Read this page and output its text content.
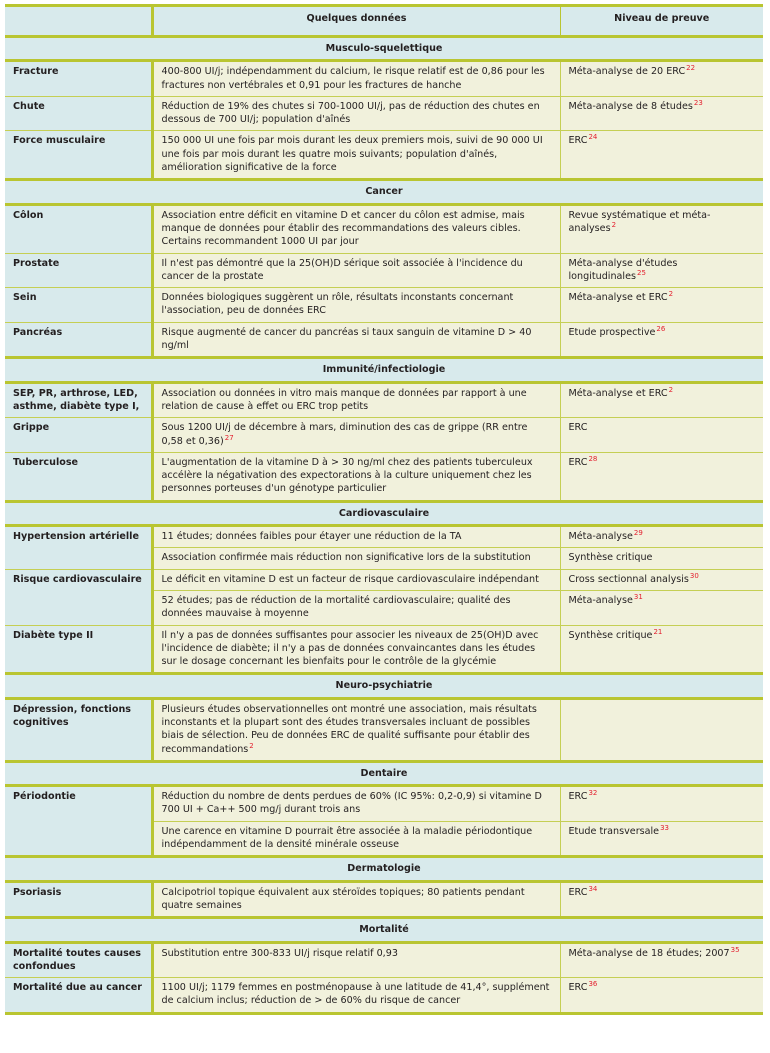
	Quelques données	Niveau de preuve
Musculo-squelettique		
Fracture	400-800 UI/j; indépendamment du calcium, le risque relatif est de 0,86 pour les fractures non vertébrales et 0,91 pour les fractures de hanche	Méta-analyse de 20 ERC$^{22}$
Chute	Réduction de 19% des chutes si 700-1000 UI/j, pas de réduction des chutes en dessous de 700 UI/j; population d'aînés	Méta-analyse de 8 études$^{23}$
Force musculaire	150 000 UI une fois par mois durant les deux premiers mois, suivi de 90 000 UI une fois par mois durant les quatre mois suivants; population d'aînés, amélioration significative de la force	ERC$^{24}$
Cancer		
Côlon	Association entre déficit en vitamine D et cancer du côlon est admise, mais manque de données pour établir des recommandations des valeurs cibles. Certains recommandent 1000 UI par jour	Revue systématique et méta-analyses$^2$
Prostate	Il n'est pas démontré que la 25(OH)D sérique soit associée à l'incidence du cancer de la prostate	Méta-analyse d'études longitudinales$^{25}$
Sein	Données biologiques suggèrent un rôle, résultats inconstants concernant l'association, peu de données ERC	Méta-analyse et ERC$^2$
Pancréas	Risque augmenté de cancer du pancréas si taux sanguin de vitamine D > 40 ng/ml	Etude prospective$^{26}$
Immunité/infectiologie		
SEP, PR, arthrose, LED, asthme, diabète type I,	Association ou données in vitro mais manque de données par rapport à une relation de cause à effet ou ERC trop petits	Méta-analyse et ERC$^2$
Grippe	Sous 1200 UI/j de décembre à mars, diminution des cas de grippe (RR entre 0,58 et 0,36)$^{27}$	ERC
Tuberculose	L'augmentation de la vitamine D à > 30 ng/ml chez des patients tuberculeux accélère la négativation des expectorations à la culture uniquement chez les personnes porteuses d'un génotype particulier	ERC$^{28}$
Cardiovasculaire		
Hypertension artérielle	11 études; données faibles pour étayer une réduction de la TA	Méta-analyse$^{29}$
	Association confirmée mais réduction non significative lors de la substitution	Synthèse critique
Risque cardiovasculaire	Le déficit en vitamine D est un facteur de risque cardiovasculaire indépendant	Cross sectionnal analysis$^{30}$
	52 études; pas de réduction de la mortalité cardiovasculaire; qualité des données mauvaise à moyenne	Méta-analyse$^{31}$
Diabète type II	Il n'y a pas de données suffisantes pour associer les niveaux de 25(OH)D avec l'incidence de diabète; il n'y a pas de données convaincantes dans les études sur le dosage concernant les bienfaits pour le contrôle de la glycémie	Synthèse critique$^{21}$
Neuro-psychiatrie		
Dépression, fonctions cognitives	Plusieurs études observationnelles ont montré une association, mais résultats inconstants et la plupart sont des études transversales incluant de possibles biais de sélection. Peu de données ERC de qualité suffisante pour établir des recommandations$^2$	
Dentaire		
Périodontie	Réduction du nombre de dents perdues de 60% (IC 95%: 0,2-0,9) si vitamine D 700 UI + Ca++ 500 mg/j durant trois ans	ERC$^{32}$
	Une carence en vitamine D pourrait être associée à la maladie périodontique indépendamment de la densité minérale osseuse	Etude transversale$^{33}$
Dermatologie		
Psoriasis	Calcipotriol topique équivalent aux stéroïdes topiques; 80 patients pendant quatre semaines	ERC$^{34}$
Mortalité		
Mortalité toutes causes confondues	Substitution entre 300-833 UI/j risque relatif 0,93	Méta-analyse de 18 études; 2007$^{35}$
Mortalité due au cancer	1100 UI/j; 1179 femmes en postménopause à une latitude de 41,4°, supplément de calcium inclus; réduction de > de 60% du risque de cancer	ERC$^{36}$
